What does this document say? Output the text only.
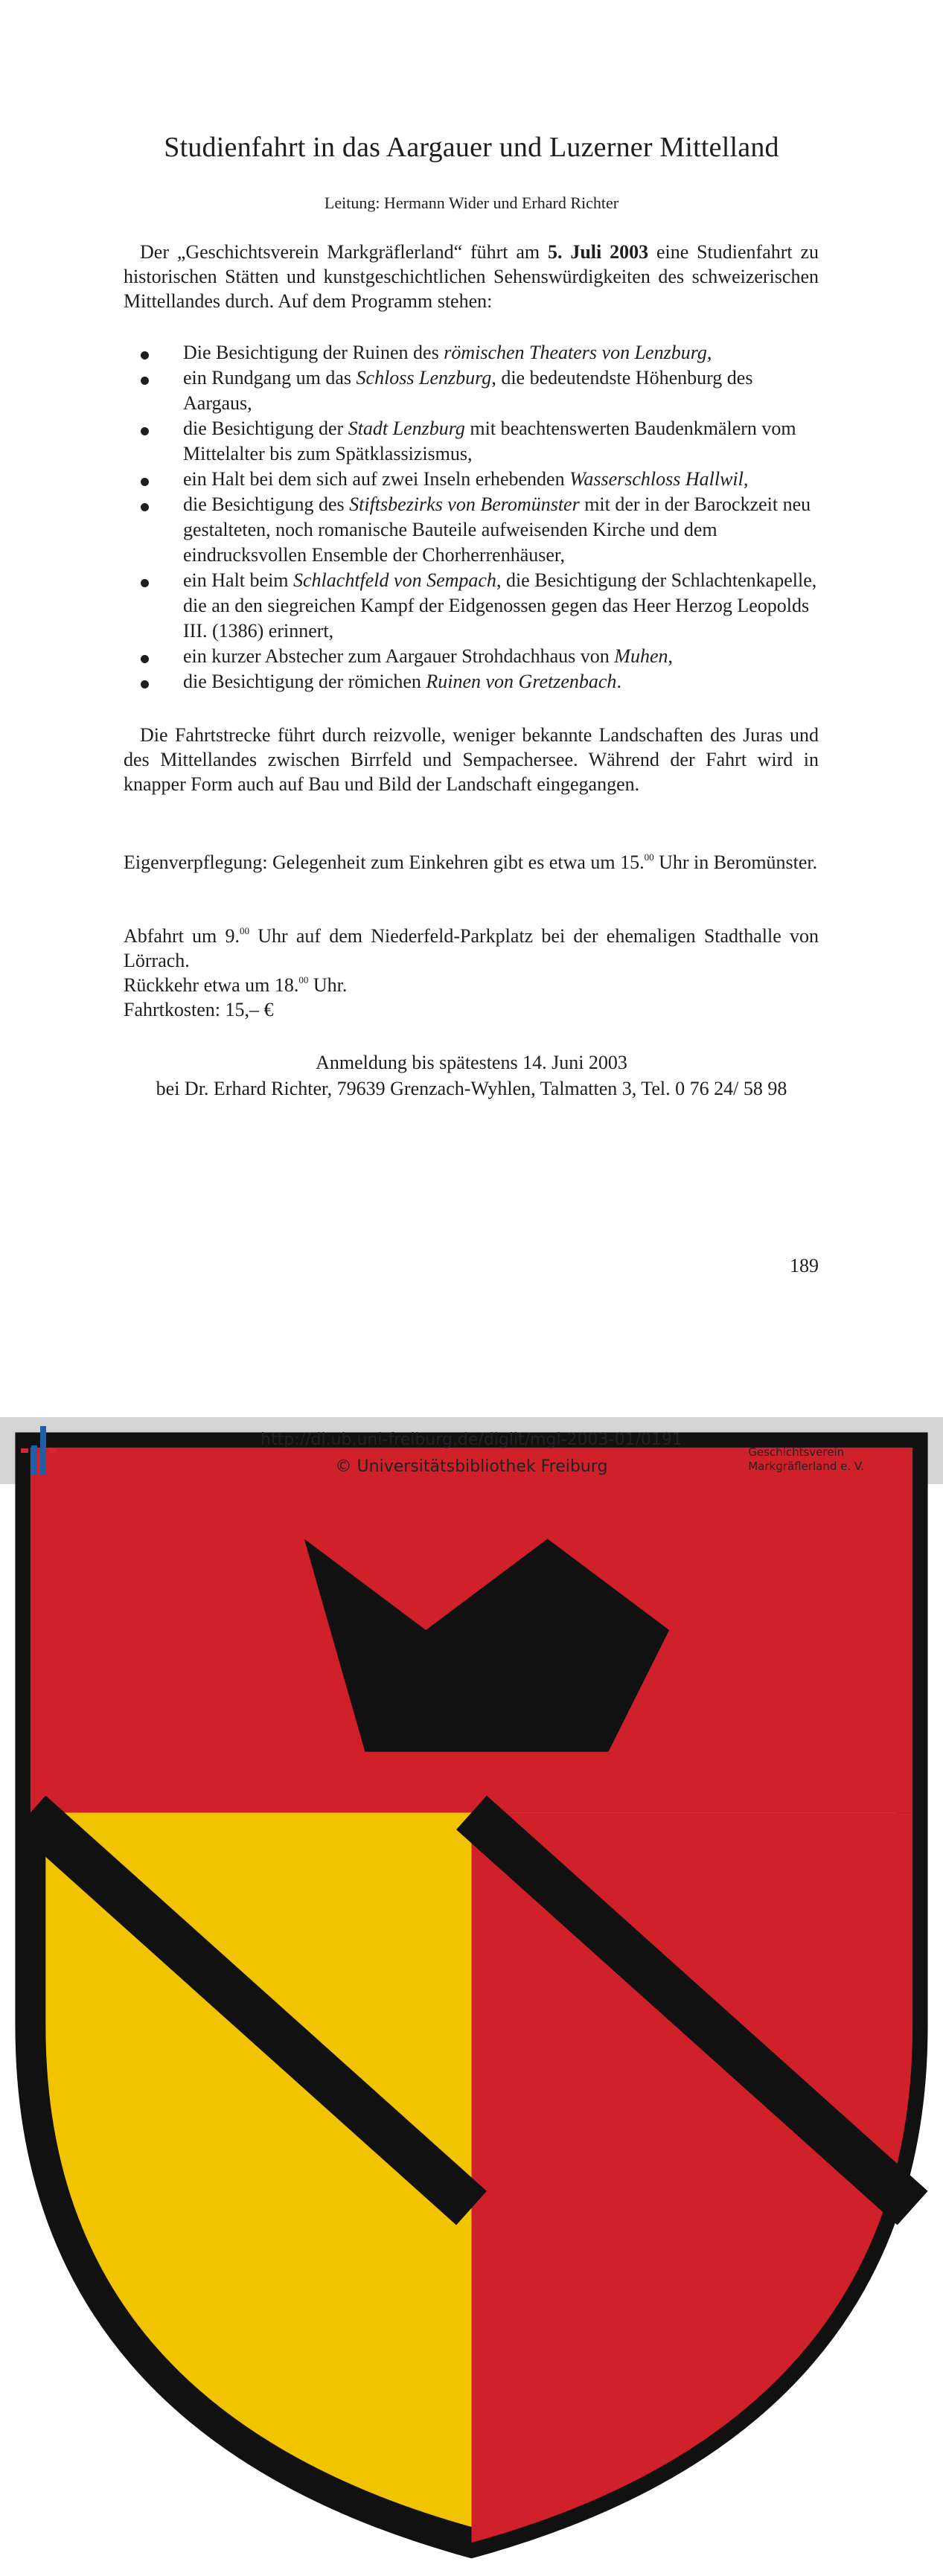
Studienfahrt in das Aargauer und Luzerner Mittelland
Leitung: Hermann Wider und Erhard Richter

Der „Geschichtsverein Markgräflerland“ führt am 5. Juli 2003 eine Studienfahrt zu historischen Stätten und kunstgeschichtlichen Sehenswürdigkeiten des schweizerischen Mittellandes durch. Auf dem Programm stehen:

Die Besichtigung der Ruinen des römischen Theaters von Lenzburg,
ein Rundgang um das Schloss Lenzburg, die bedeutendste Höhenburg des Aargaus,
die Besichtigung der Stadt Lenzburg mit beachtenswerten Baudenkmälern vom Mittelalter bis zum Spätklassizismus,
ein Halt bei dem sich auf zwei Inseln erhebenden Wasserschloss Hallwil,
die Besichtigung des Stiftsbezirks von Beromünster mit der in der Barockzeit neu gestalteten, noch romanische Bauteile aufweisenden Kirche und dem eindrucksvollen Ensemble der Chorherrenhäuser,
ein Halt beim Schlachtfeld von Sempach, die Besichtigung der Schlachtenkapelle, die an den siegreichen Kampf der Eidgenossen gegen das Heer Herzog Leopolds III. (1386) erinnert,
ein kurzer Abstecher zum Aargauer Strohdachhaus von Muhen,
die Besichtigung der römichen Ruinen von Gretzenbach.

Die Fahrtstrecke führt durch reizvolle, weniger bekannte Landschaften des Juras und des Mittellandes zwischen Birrfeld und Sempachersee. Während der Fahrt wird in knapper Form auch auf Bau und Bild der Landschaft eingegangen.

Eigenverpflegung: Gelegenheit zum Einkehren gibt es etwa um 15.00 Uhr in Beromünster.

Abfahrt um 9.00 Uhr auf dem Niederfeld-Parkplatz bei der ehemaligen Stadthalle von Lörrach.

Rückkehr etwa um 18.00 Uhr.

Fahrtkosten: 15,– €

Anmeldung bis spätestens 14. Juni 2003
bei Dr. Erhard Richter, 79639 Grenzach-Wyhlen, Talmatten 3, Tel. 0 76 24/ 58 98
189
http://dl.ub.uni-freiburg.de/diglit/mgl-2003-01/0191
© Universitätsbibliothek Freiburg
Geschichtsverein
Markgräflerland e. V.
